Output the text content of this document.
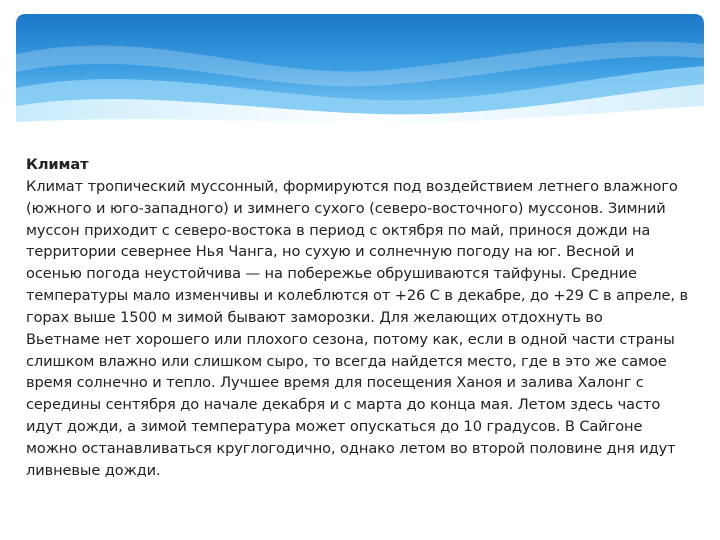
Климат
Климат тропический муссонный, формируются под воздействием летнего влажного
(южного и юго-западного) и зимнего сухого (северо-восточного) муссонов. Зимний
муссон приходит с северо-востока в период с октября по май, принося дожди на
территории севернее Нья Чанга, но сухую и солнечную погоду на юг. Весной и
осенью погода неустойчива — на побережье обрушиваются тайфуны. Средние
температуры мало изменчивы и колеблются от +26 C в декабре, до +29 C в апреле, в
горах выше 1500 м зимой бывают заморозки. Для желающих отдохнуть во
Вьетнаме нет хорошего или плохого сезона, потому как, если в одной части страны
слишком влажно или слишком сыро, то всегда найдется место, где в это же самое
время солнечно и тепло. Лучшее время для посещения Ханоя и залива Халонг с
середины сентября до начале декабря и с марта до конца мая. Летом здесь часто
идут дожди, а зимой температура может опускаться до 10 градусов. В Сайгоне
можно останавливаться круглогодично, однако летом во второй половине дня идут
ливневые дожди.
